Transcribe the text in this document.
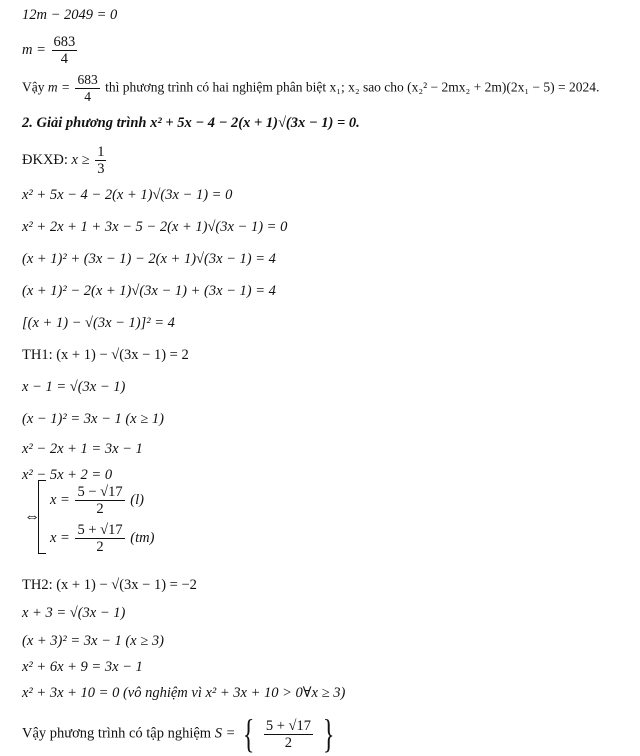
12m − 2049 = 0
$m = \frac{683}{4}$
Vậy $m = \frac{683}{4}$ thì phương trình có hai nghiệm phân biệt x₁; x₂ sao cho (x₂² − 2mx₂ + 2m)(2x₁ − 5) = 2024.
2. Giải phương trình x² + 5x − 4 − 2(x + 1)√(3x − 1) = 0.
ĐKXĐ: $x \ge \frac{1}{3}$
x² + 5x − 4 − 2(x + 1)√(3x − 1) = 0
x² + 2x + 1 + 3x − 5 − 2(x + 1)√(3x − 1) = 0
(x + 1)² + (3x − 1) − 2(x + 1)√(3x − 1) = 4
(x + 1)² − 2(x + 1)√(3x − 1) + (3x − 1) = 4
[(x + 1) − √(3x − 1)]² = 4
TH1: (x + 1) − √(3x − 1) = 2
x − 1 = √(3x − 1)
(x − 1)² = 3x − 1 (x ≥ 1)
x² − 2x + 1 = 3x − 1
x² − 5x + 2 = 0
⇔
$x = \frac{5 - √17}{2} (l)$
$x = \frac{5 + √17}{2} (tm)$
TH2: (x + 1) − √(3x − 1) = −2
x + 3 = √(3x − 1)
(x + 3)² = 3x − 1 (x ≥ 3)
x² + 6x + 9 = 3x − 1
x² + 3x + 10 = 0 (vô nghiệm vì x² + 3x + 10 > 0∀x ≥ 3)
Vậy phương trình có tập nghiệm S = { $\frac{5 + √17}{2}$ }
